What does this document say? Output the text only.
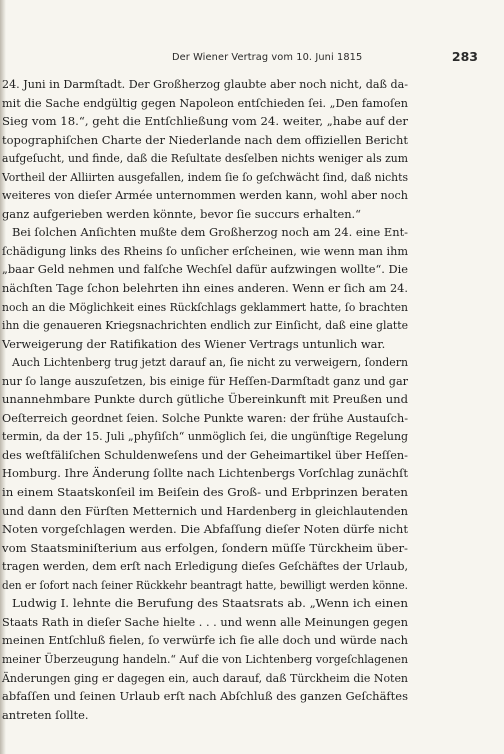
Der Wiener Vertrag vom 10. Juni 1815	283
24. Juni in Darmſtadt. Der Großherzog glaubte aber noch nicht, daß da-
mit die Sache endgültig gegen Napoleon entſchieden ſei. „Den famoſen
Sieg vom 18.“, geht die Entſchließung vom 24. weiter, „habe auf der
topographiſchen Charte der Niederlande nach dem offiziellen Bericht
aufgeſucht, und finde, daß die Reſultate desſelben nichts weniger als zum
Vortheil der Alliirten ausgefallen, indem ſie ſo geſchwächt ſind, daß nichts
weiteres von dieſer Armée unternommen werden kann, wohl aber noch
ganz aufgerieben werden könnte, bevor ſie succurs erhalten.“
Bei ſolchen Anſichten mußte dem Großherzog noch am 24. eine Ent-
ſchädigung links des Rheins ſo unſicher erſcheinen, wie wenn man ihm
„baar Geld nehmen und falſche Wechſel dafür aufzwingen wollte“. Die
nächſten Tage ſchon belehrten ihn eines anderen. Wenn er ſich am 24.
noch an die Möglichkeit eines Rückſchlags geklammert hatte, ſo brachten
ihn die genaueren Kriegsnachrichten endlich zur Einſicht, daß eine glatte
Verweigerung der Ratifikation des Wiener Vertrags untunlich war.
Auch Lichtenberg trug jetzt darauf an, ſie nicht zu verweigern, ſondern
nur ſo lange auszuſetzen, bis einige für Heſſen-Darmſtadt ganz und gar
unannehmbare Punkte durch gütliche Übereinkunft mit Preußen und
Oeſterreich geordnet ſeien. Solche Punkte waren: der frühe Austauſch-
termin, da der 15. Juli „phyſiſch“ unmöglich ſei, die ungünſtige Regelung
des weſtfäliſchen Schuldenweſens und der Geheimartikel über Heſſen-
Homburg. Ihre Änderung ſollte nach Lichtenbergs Vorſchlag zunächſt
in einem Staatskonſeil im Beiſein des Groß- und Erbprinzen beraten
und dann den Fürſten Metternich und Hardenberg in gleichlautenden
Noten vorgeſchlagen werden. Die Abfaſſung dieſer Noten dürfe nicht
vom Staatsminiſterium aus erfolgen, ſondern müſſe Türckheim über-
tragen werden, dem erſt nach Erledigung dieſes Geſchäftes der Urlaub,
den er ſofort nach ſeiner Rückkehr beantragt hatte, bewilligt werden könne.
Ludwig I. lehnte die Berufung des Staatsrats ab. „Wenn ich einen
Staats Rath in dieſer Sache hielte . . . und wenn alle Meinungen gegen
meinen Entſchluß fielen, ſo verwürfe ich ſie alle doch und würde nach
meiner Überzeugung handeln.“ Auf die von Lichtenberg vorgeſchlagenen
Änderungen ging er dagegen ein, auch darauf, daß Türckheim die Noten
abfaſſen und ſeinen Urlaub erſt nach Abſchluß des ganzen Geſchäftes
antreten ſollte.
